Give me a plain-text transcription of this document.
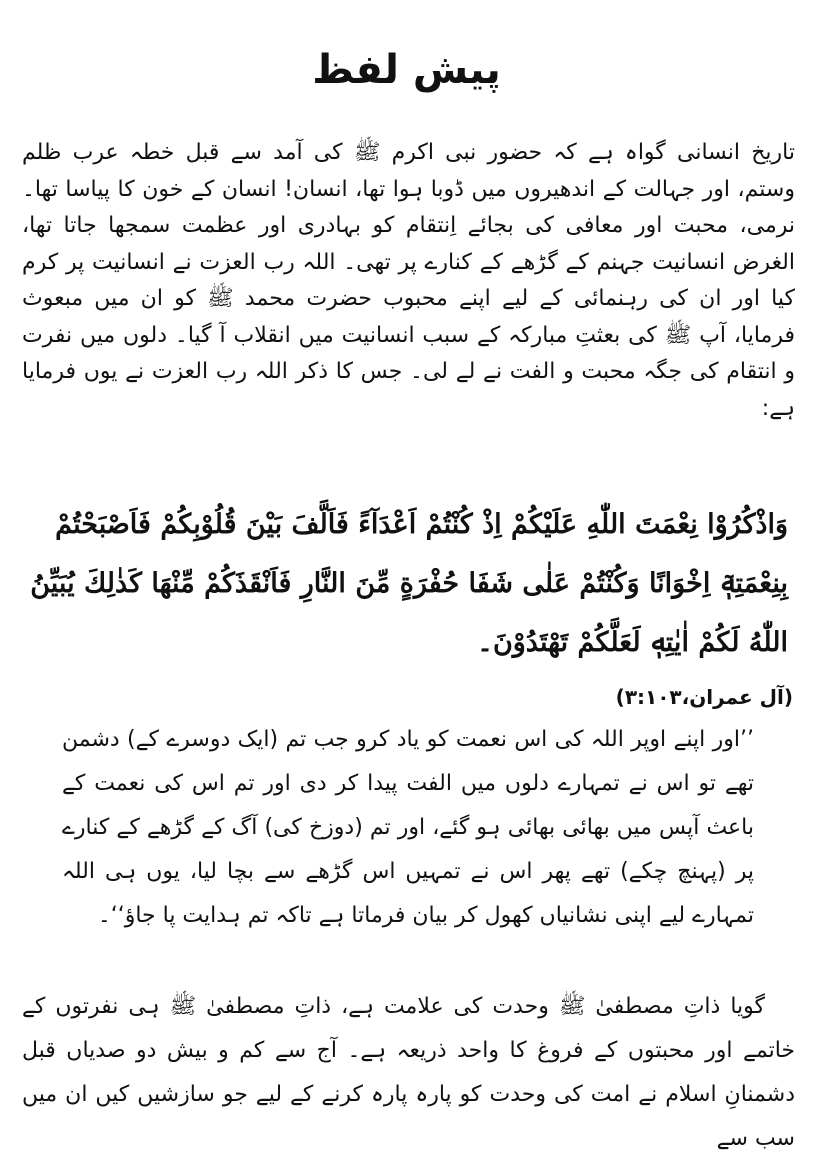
پیش لفظ

تاریخ انسانی گواہ ہے کہ حضور نبی اکرم ﷺ کی آمد سے قبل خطہ عرب ظلم وستم، اور جہالت کے اندھیروں میں ڈوبا ہوا تھا، انسان! انسان کے خون کا پیاسا تھا۔ نرمی، محبت اور معافی کی بجائے اِنتقام کو بہادری اور عظمت سمجھا جاتا تھا، الغرض انسانیت جہنم کے گڑھے کے کنارے پر تھی۔ اللہ رب العزت نے انسانیت پر کرم کیا اور ان کی رہنمائی کے لیے اپنے محبوب حضرت محمد ﷺ کو ان میں مبعوث فرمایا، آپ ﷺ کی بعثتِ مبارکہ کے سبب انسانیت میں انقلاب آ گیا۔ دلوں میں نفرت و انتقام کی جگہ محبت و الفت نے لے لی۔ جس کا ذکر اللہ رب العزت نے یوں فرمایا ہے:

وَاذْكُرُوْا نِعْمَتَ اللّٰهِ عَلَيْكُمْ اِذْ كُنْتُمْ اَعْدَآءً فَاَلَّفَ بَيْنَ قُلُوْبِكُمْ فَاَصْبَحْتُمْ بِنِعْمَتِهٖٓ اِخْوَانًا وَكُنْتُمْ عَلٰى شَفَا حُفْرَةٍ مِّنَ النَّارِ فَاَنْقَذَكُمْ مِّنْهَا كَذٰلِكَ يُبَيِّنُ اللّٰهُ لَكُمْ اٰيٰتِهٖ لَعَلَّكُمْ تَهْتَدُوْنَ۔

(آل عمران،۳:۱۰۳)

’’اور اپنے اوپر اللہ کی اس نعمت کو یاد کرو جب تم (ایک دوسرے کے) دشمن تھے تو اس نے تمہارے دلوں میں الفت پیدا کر دی اور تم اس کی نعمت کے باعث آپس میں بھائی بھائی ہو گئے، اور تم (دوزخ کی) آگ کے گڑھے کے کنارے پر (پہنچ چکے) تھے پھر اس نے تمہیں اس گڑھے سے بچا لیا، یوں ہی اللہ تمہارے لیے اپنی نشانیاں کھول کر بیان فرماتا ہے تاکہ تم ہدایت پا جاؤ‘‘۔

گویا ذاتِ مصطفیٰ ﷺ وحدت کی علامت ہے، ذاتِ مصطفیٰ ﷺ ہی نفرتوں کے خاتمے اور محبتوں کے فروغ کا واحد ذریعہ ہے۔ آج سے کم و بیش دو صدیاں قبل دشمنانِ اسلام نے امت کی وحدت کو پارہ پارہ کرنے کے لیے جو سازشیں کیں ان میں سب سے
